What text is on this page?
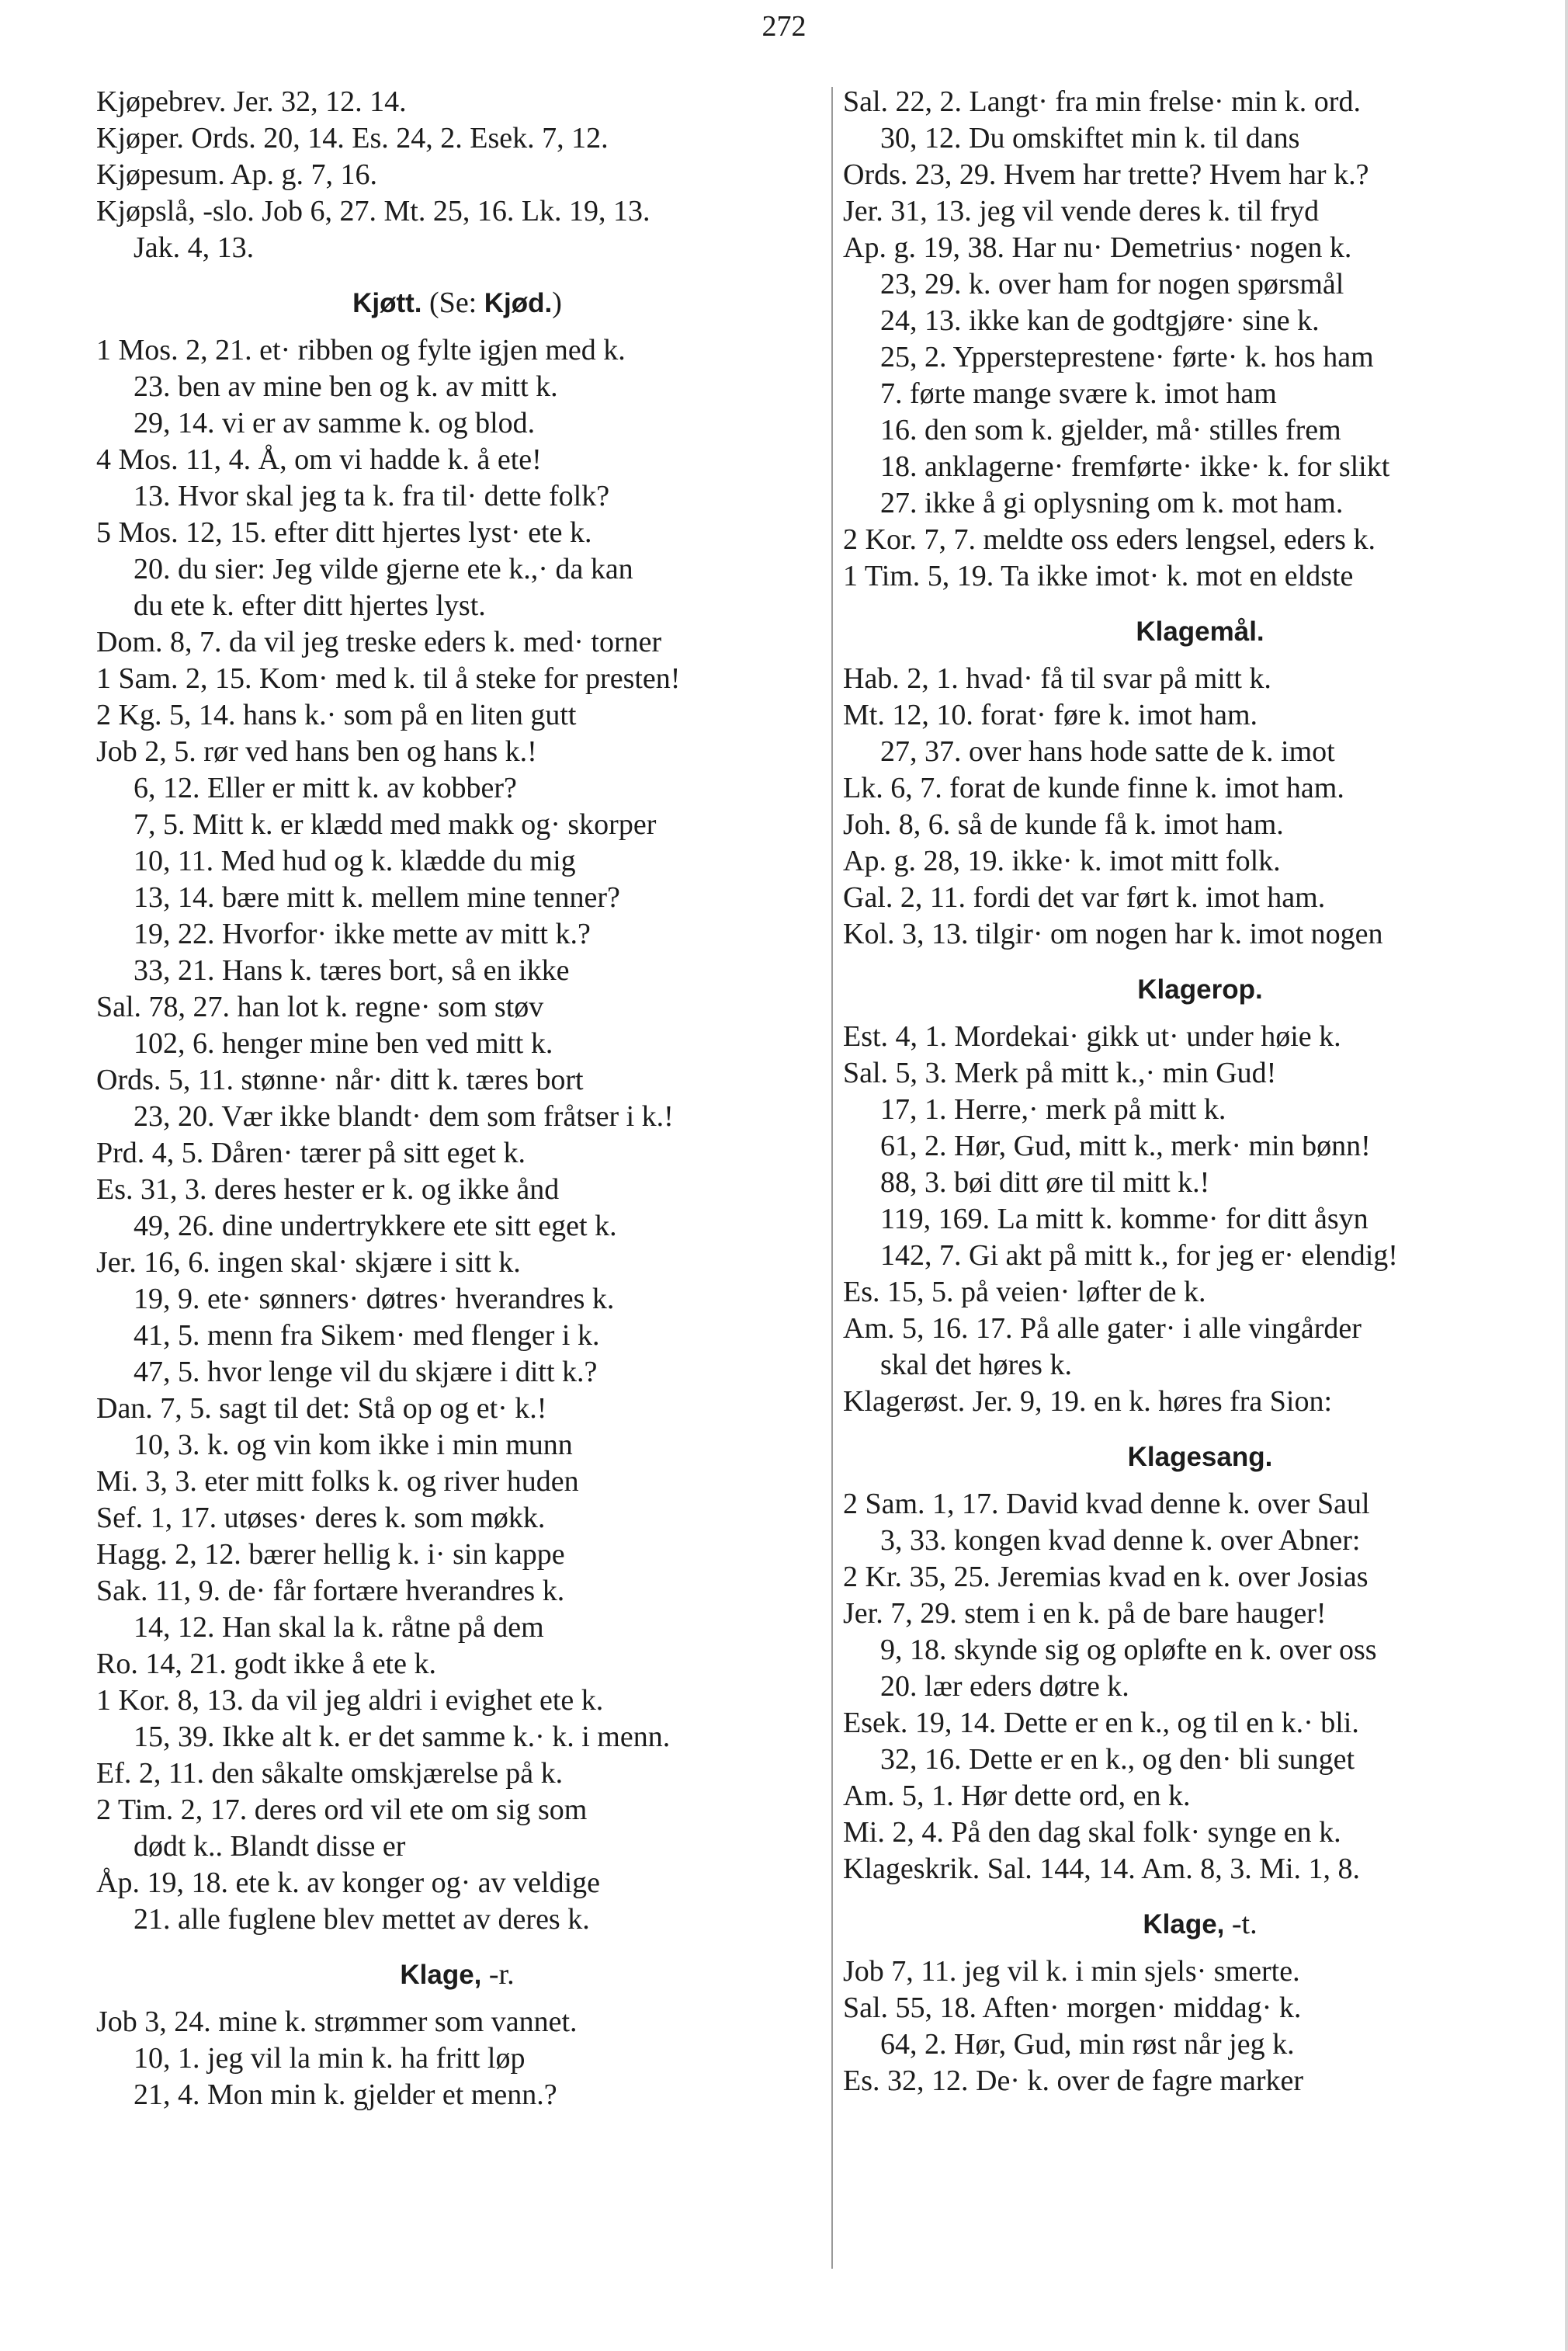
272
Kjøpebrev. Jer. 32, 12. 14.
Kjøper. Ords. 20, 14. Es. 24, 2. Esek. 7, 12.
Kjøpesum. Ap. g. 7, 16.
Kjøpslå, -slo. Job 6, 27. Mt. 25, 16. Lk. 19, 13.
Jak. 4, 13.
Kjøtt. (Se: Kjød.)
1 Mos. 2, 21. et· ribben og fylte igjen med k.
23. ben av mine ben og k. av mitt k.
29, 14. vi er av samme k. og blod.
4 Mos. 11, 4. Å, om vi hadde k. å ete!
13. Hvor skal jeg ta k. fra til· dette folk?
5 Mos. 12, 15. efter ditt hjertes lyst· ete k.
20. du sier: Jeg vilde gjerne ete k.,· da kan
du ete k. efter ditt hjertes lyst.
Dom. 8, 7. da vil jeg treske eders k. med· torner
1 Sam. 2, 15. Kom· med k. til å steke for presten!
2 Kg. 5, 14. hans k.· som på en liten gutt
Job 2, 5. rør ved hans ben og hans k.!
6, 12. Eller er mitt k. av kobber?
7, 5. Mitt k. er klædd med makk og· skorper
10, 11. Med hud og k. klædde du mig
13, 14. bære mitt k. mellem mine tenner?
19, 22. Hvorfor· ikke mette av mitt k.?
33, 21. Hans k. tæres bort, så en ikke
Sal. 78, 27. han lot k. regne· som støv
102, 6. henger mine ben ved mitt k.
Ords. 5, 11. stønne· når· ditt k. tæres bort
23, 20. Vær ikke blandt· dem som fråtser i k.!
Prd. 4, 5. Dåren· tærer på sitt eget k.
Es. 31, 3. deres hester er k. og ikke ånd
49, 26. dine undertrykkere ete sitt eget k.
Jer. 16, 6. ingen skal· skjære i sitt k.
19, 9. ete· sønners· døtres· hverandres k.
41, 5. menn fra Sikem· med flenger i k.
47, 5. hvor lenge vil du skjære i ditt k.?
Dan. 7, 5. sagt til det: Stå op og et· k.!
10, 3. k. og vin kom ikke i min munn
Mi. 3, 3. eter mitt folks k. og river huden
Sef. 1, 17. utøses· deres k. som møkk.
Hagg. 2, 12. bærer hellig k. i· sin kappe
Sak. 11, 9. de· får fortære hverandres k.
14, 12. Han skal la k. råtne på dem
Ro. 14, 21. godt ikke å ete k.
1 Kor. 8, 13. da vil jeg aldri i evighet ete k.
15, 39. Ikke alt k. er det samme k.· k. i menn.
Ef. 2, 11. den såkalte omskjærelse på k.
2 Tim. 2, 17. deres ord vil ete om sig som
dødt k.. Blandt disse er
Åp. 19, 18. ete k. av konger og· av veldige
21. alle fuglene blev mettet av deres k.
Klage, -r.
Job 3, 24. mine k. strømmer som vannet.
10, 1. jeg vil la min k. ha fritt løp
21, 4. Mon min k. gjelder et menn.?
Sal. 22, 2. Langt· fra min frelse· min k. ord.
30, 12. Du omskiftet min k. til dans
Ords. 23, 29. Hvem har trette? Hvem har k.?
Jer. 31, 13. jeg vil vende deres k. til fryd
Ap. g. 19, 38. Har nu· Demetrius· nogen k.
23, 29. k. over ham for nogen spørsmål
24, 13. ikke kan de godtgjøre· sine k.
25, 2. Yppersteprestene· førte· k. hos ham
7. førte mange svære k. imot ham
16. den som k. gjelder, må· stilles frem
18. anklagerne· fremførte· ikke· k. for slikt
27. ikke å gi oplysning om k. mot ham.
2 Kor. 7, 7. meldte oss eders lengsel, eders k.
1 Tim. 5, 19. Ta ikke imot· k. mot en eldste
Klagemål.
Hab. 2, 1. hvad· få til svar på mitt k.
Mt. 12, 10. forat· føre k. imot ham.
27, 37. over hans hode satte de k. imot
Lk. 6, 7. forat de kunde finne k. imot ham.
Joh. 8, 6. så de kunde få k. imot ham.
Ap. g. 28, 19. ikke· k. imot mitt folk.
Gal. 2, 11. fordi det var ført k. imot ham.
Kol. 3, 13. tilgir· om nogen har k. imot nogen
Klagerop.
Est. 4, 1. Mordekai· gikk ut· under høie k.
Sal. 5, 3. Merk på mitt k.,· min Gud!
17, 1. Herre,· merk på mitt k.
61, 2. Hør, Gud, mitt k., merk· min bønn!
88, 3. bøi ditt øre til mitt k.!
119, 169. La mitt k. komme· for ditt åsyn
142, 7. Gi akt på mitt k., for jeg er· elendig!
Es. 15, 5. på veien· løfter de k.
Am. 5, 16. 17. På alle gater· i alle vingårder
skal det høres k.
Klagerøst. Jer. 9, 19. en k. høres fra Sion:
Klagesang.
2 Sam. 1, 17. David kvad denne k. over Saul
3, 33. kongen kvad denne k. over Abner:
2 Kr. 35, 25. Jeremias kvad en k. over Josias
Jer. 7, 29. stem i en k. på de bare hauger!
9, 18. skynde sig og opløfte en k. over oss
20. lær eders døtre k.
Esek. 19, 14. Dette er en k., og til en k.· bli.
32, 16. Dette er en k., og den· bli sunget
Am. 5, 1. Hør dette ord, en k.
Mi. 2, 4. På den dag skal folk· synge en k.
Klageskrik. Sal. 144, 14. Am. 8, 3. Mi. 1, 8.
Klage, -t.
Job 7, 11. jeg vil k. i min sjels· smerte.
Sal. 55, 18. Aften· morgen· middag· k.
64, 2. Hør, Gud, min røst når jeg k.
Es. 32, 12. De· k. over de fagre marker
